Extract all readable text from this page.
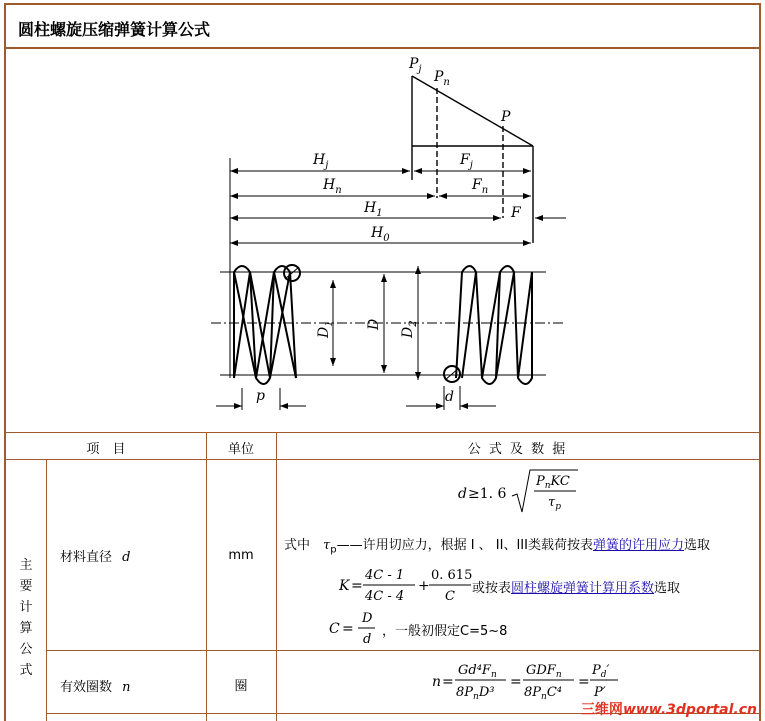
圆柱螺旋压缩弹簧计算公式
$P_j$ $P_n$
P
$H_j$	$F_j$
$H_n$	$F_n$
$H_1$	F
$H_0$
$D_1$ D
$D_2$
p	d
项　目	单位	公 式 及 数 据
主要计算公式
材料直径 d	mm
d ≥1. 6
$P_nKC$
$\tau_p$
式中　$\tau_p——$许用切应力，根据 I 、 II、III类载荷按表弹簧的许用应力选取
K =
4C - 1
4C - 4
+
0. 615
C
或按表圆柱螺旋弹簧计算用系数选取
C =
D
d
，一般初假定C=5~8
有效圈数 n	圈	n =
$Gd^4F_n$
$8P_nD^3$
=
$GDF_n$
$8P_nC^4$
=
$P_d'$
P′
三维网www.3dportal.cn
